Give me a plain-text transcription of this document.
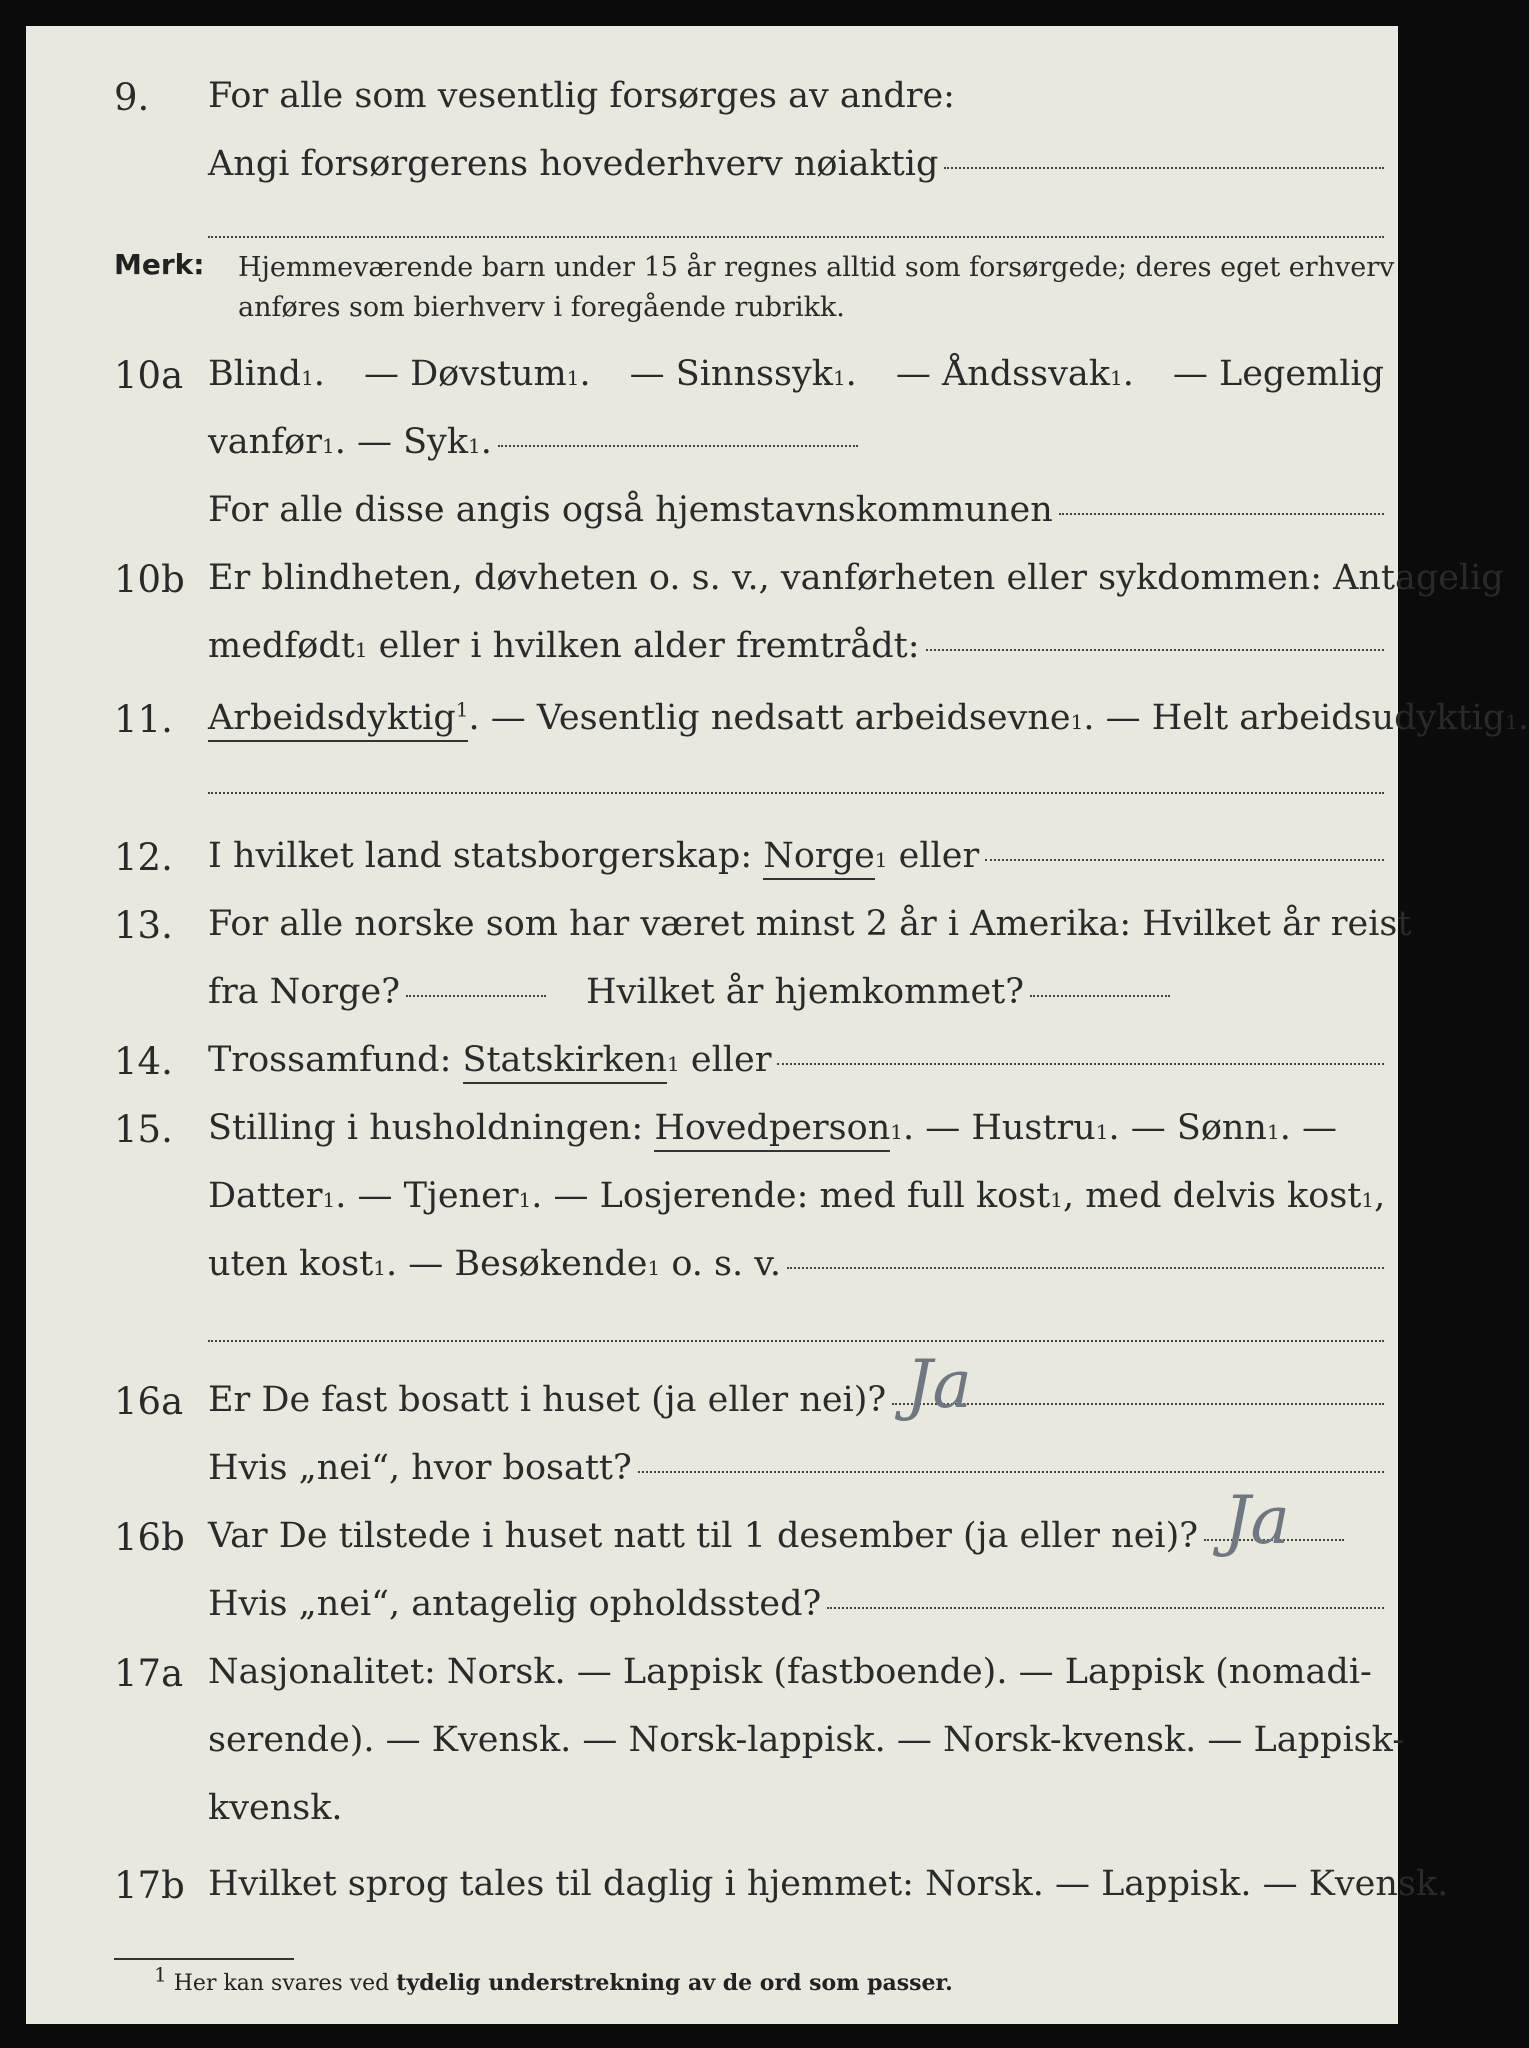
9. For alle som vesentlig forsørges av andre:
Angi forsørgerens hovederhverv nøiaktig
Merk: Hjemmeværende barn under 15 år regnes alltid som forsørgede; deres eget erhverv
anføres som bierhverv i foregående rubrikk.
10a Blind 1 . — Døvstum 1 . — Sinnssyk 1 . — Åndssvak 1 . — Legemlig
vanfør 1 . — Syk 1 .
For alle disse angis også hjemstavnskommunen
10b Er blindheten, døvheten o. s. v., vanførheten eller sykdommen: Antagelig
medfødt 1 eller i hvilken alder fremtrådt:
11. Arbeidsdyktig$^1$ . — Vesentlig nedsatt arbeidsevne 1 . — Helt arbeidsudyktig 1 .
12. I hvilket land statsborgerskap: Norge 1 eller
13. For alle norske som har været minst 2 år i Amerika: Hvilket år reist
fra Norge?	Hvilket år hjemkommet?
14. Trossamfund: Statskirken 1 eller
15. Stilling i husholdningen: Hovedperson 1 . — Hustru 1 . — Sønn 1 . —
Datter 1 . — Tjener 1 . — Losjerende: med full kost 1 , med delvis kost 1 ,
uten kost 1 . — Besøkende 1 o. s. v.
16a Er De fast bosatt i huset (ja eller nei)? Ja
Hvis „nei“, hvor bosatt?
16b Var De tilstede i huset natt til 1 desember (ja eller nei)? Ja
Hvis „nei“, antagelig opholdssted?
17a Nasjonalitet: Norsk. — Lappisk (fastboende). — Lappisk (nomadi-
serende). — Kvensk. — Norsk-lappisk. — Norsk-kvensk. — Lappisk-
kvensk.
17b Hvilket sprog tales til daglig i hjemmet: Norsk. — Lappisk. — Kvensk.
1 Her kan svares ved tydelig understrekning av de ord som passer.
